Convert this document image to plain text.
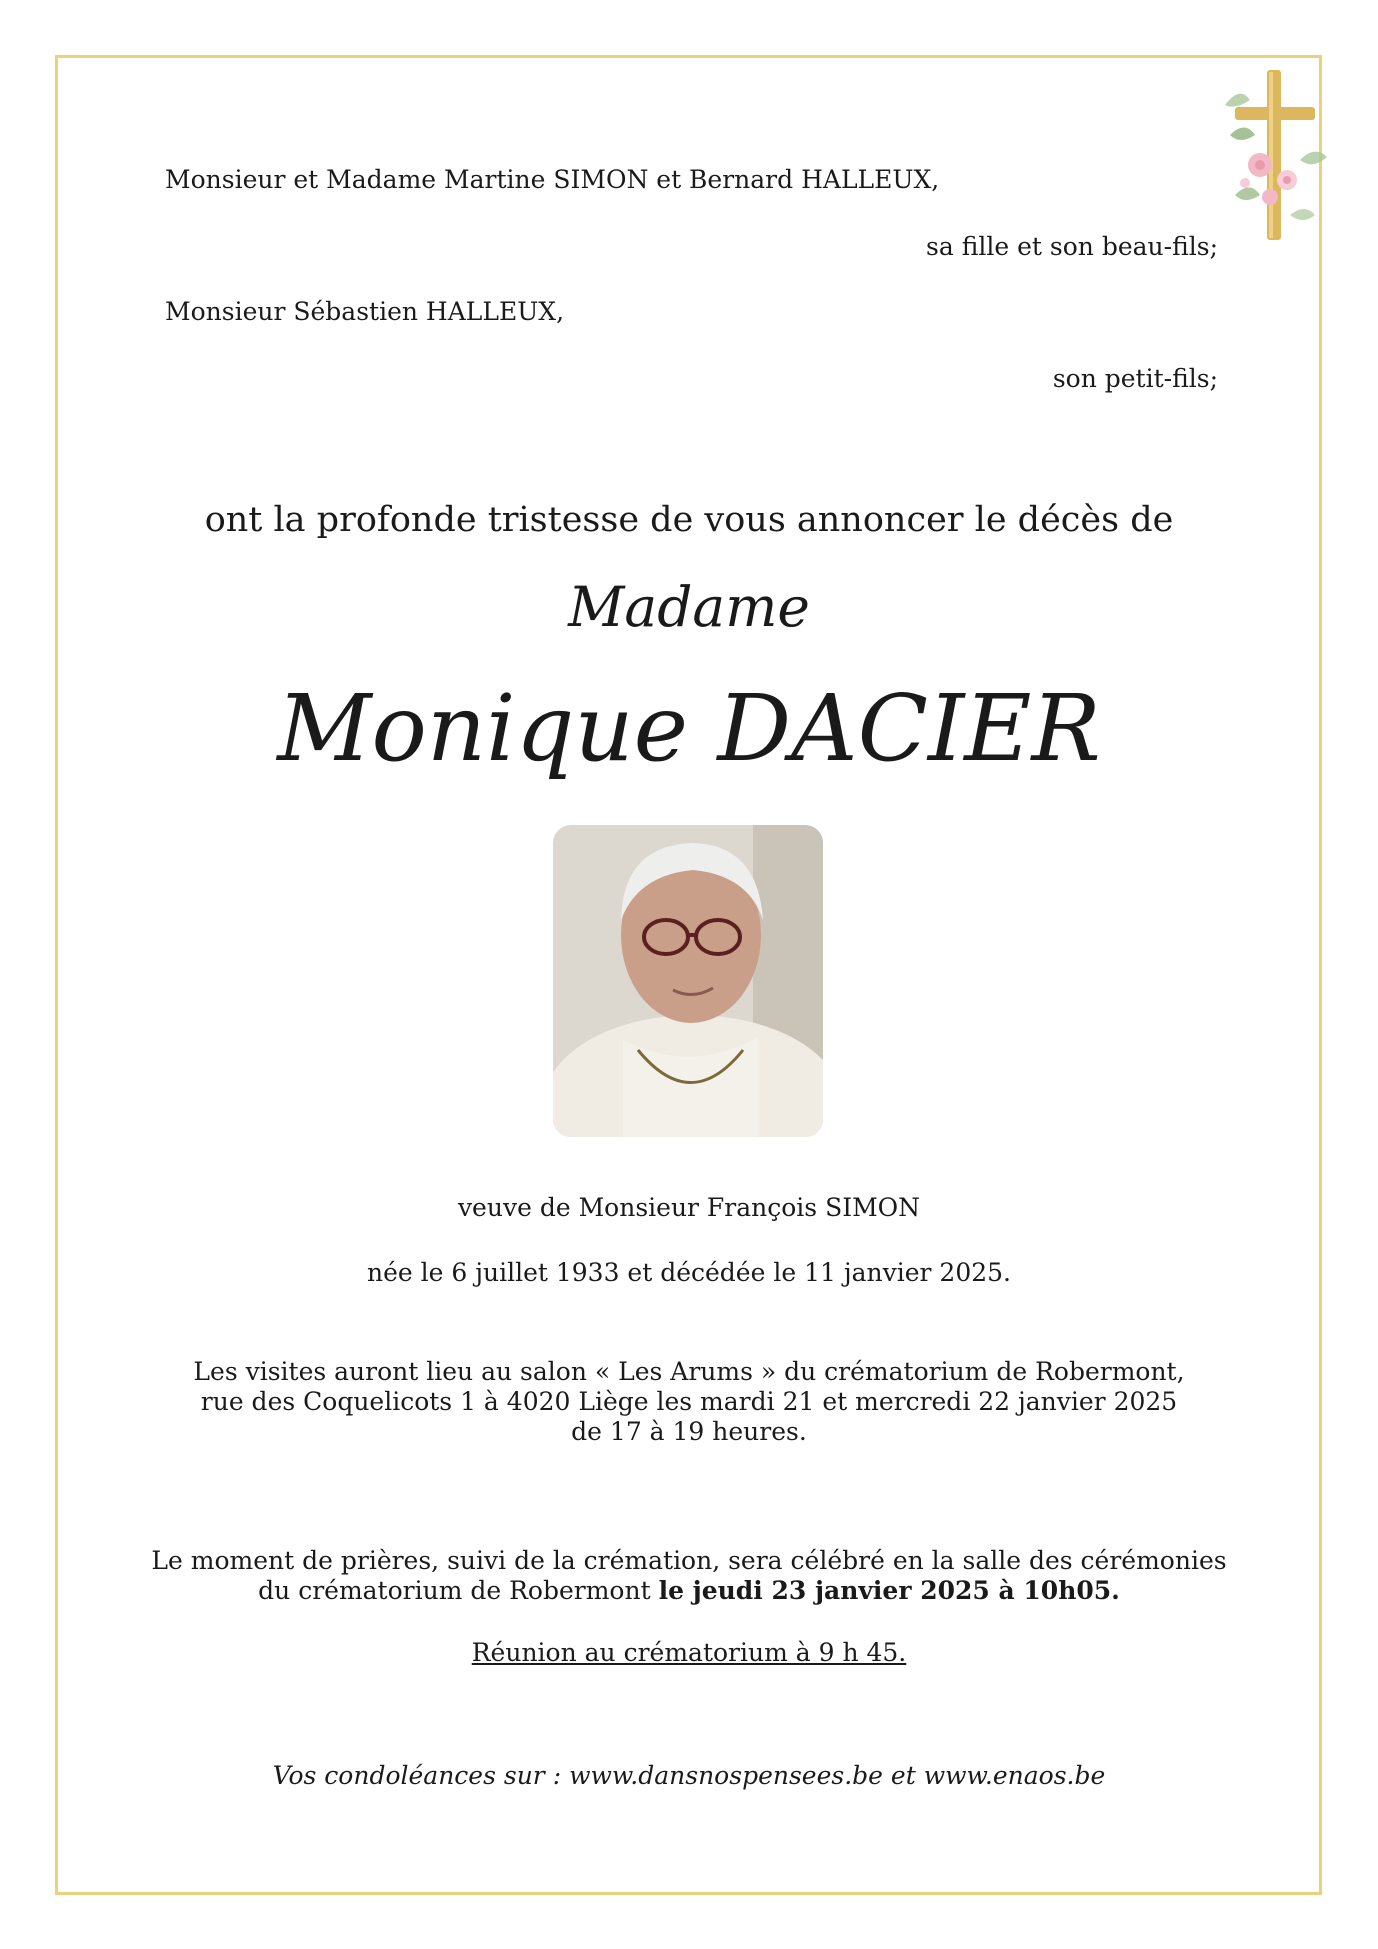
Monsieur et Madame Martine SIMON et Bernard HALLEUX,
sa fille et son beau-fils;
Monsieur Sébastien HALLEUX,
son petit-fils;
ont la profonde tristesse de vous annoncer le décès de
Madame
Monique DACIER
veuve de Monsieur François SIMON
née le 6 juillet 1933 et décédée le 11 janvier 2025.
Les visites auront lieu au salon « Les Arums » du crématorium de Robermont,
rue des Coquelicots 1 à 4020 Liège les mardi 21 et mercredi 22 janvier 2025
de 17 à 19 heures.
Le moment de prières, suivi de la crémation, sera célébré en la salle des cérémonies
du crématorium de Robermont le jeudi 23 janvier 2025 à 10h05.
Réunion au crématorium à 9 h 45.
Vos condoléances sur : www.dansnospensees.be et www.enaos.be
